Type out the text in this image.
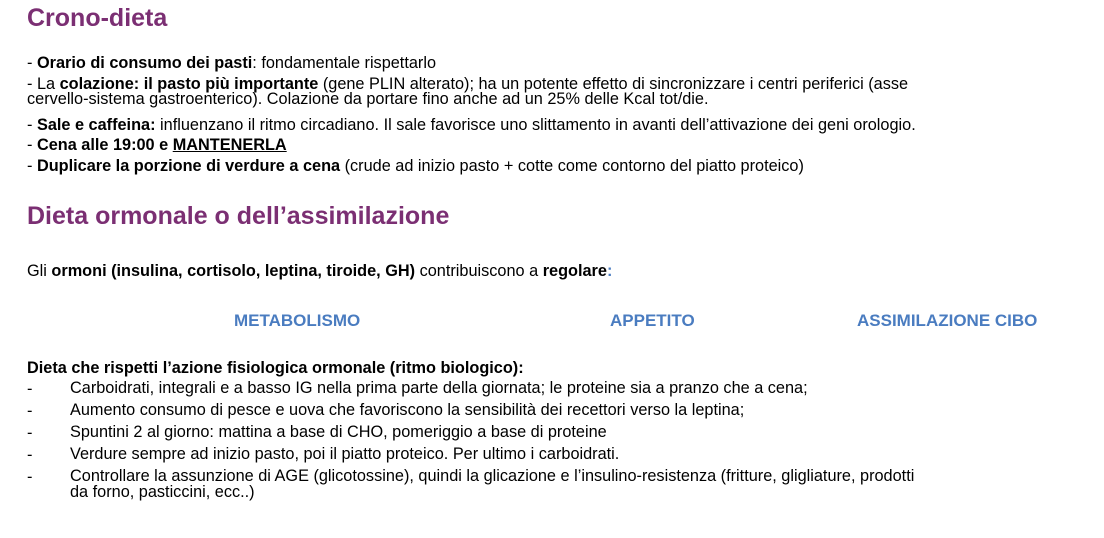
Crono-dieta
- Orario di consumo dei pasti: fondamentale rispettarlo
- La colazione: il pasto più importante (gene PLIN alterato); ha un potente effetto di sincronizzare i centri periferici (asse
cervello-sistema gastroenterico). Colazione da portare fino anche ad un 25% delle Kcal tot/die.
- Sale e caffeina: influenzano il ritmo circadiano. Il sale favorisce uno slittamento in avanti dell’attivazione dei geni orologio.
- Cena alle 19:00 e MANTENERLA
- Duplicare la porzione di verdure a cena (crude ad inizio pasto + cotte come contorno del piatto proteico)
Dieta ormonale o dell’assimilazione
Gli ormoni (insulina, cortisolo, leptina, tiroide, GH) contribuiscono a regolare:
METABOLISMO	APPETITO	ASSIMILAZIONE CIBO
Dieta che rispetti l’azione fisiologica ormonale (ritmo biologico):
- Carboidrati, integrali e a basso IG nella prima parte della giornata; le proteine sia a pranzo che a cena;
- Aumento consumo di pesce e uova che favoriscono la sensibilità dei recettori verso la leptina;
- Spuntini 2 al giorno: mattina a base di CHO, pomeriggio a base di proteine
- Verdure sempre ad inizio pasto, poi il piatto proteico. Per ultimo i carboidrati.
- Controllare la assunzione di AGE (glicotossine), quindi la glicazione e l’insulino-resistenza (fritture, gligliature, prodotti
da forno, pasticcini, ecc..)
